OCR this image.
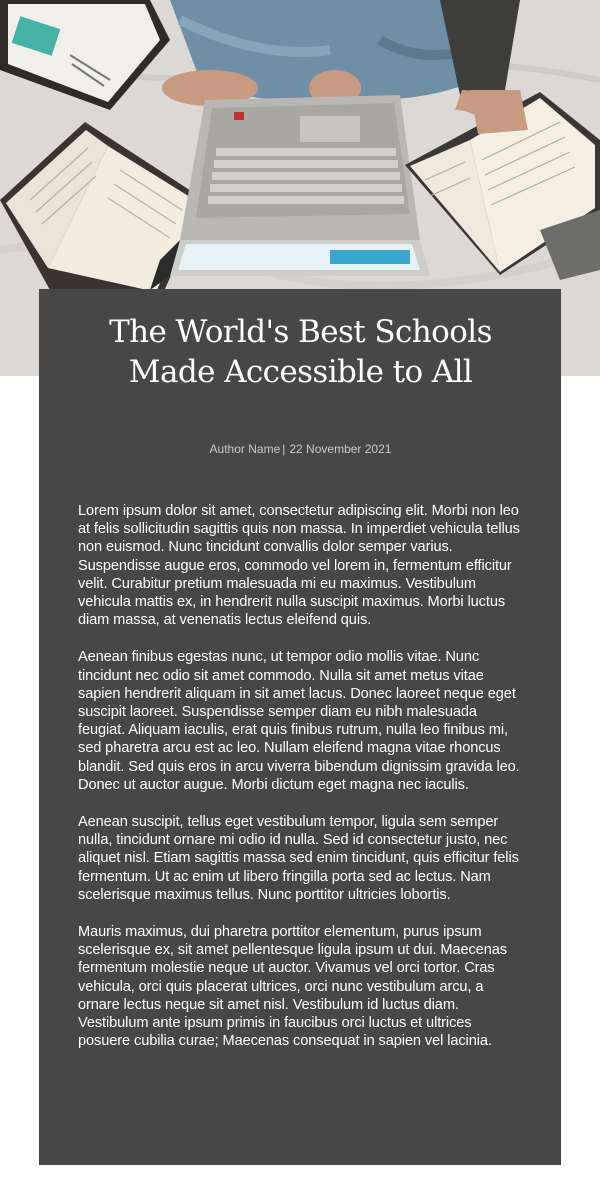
The World's Best Schools Made Accessible to All
Author Name | 22 November 2021

Lorem ipsum dolor sit amet, consectetur adipiscing elit. Morbi non leo at felis sollicitudin sagittis quis non massa. In imperdiet vehicula tellus non euismod. Nunc tincidunt convallis dolor semper varius. Suspendisse augue eros, commodo vel lorem in, fermentum efficitur velit. Curabitur pretium malesuada mi eu maximus. Vestibulum vehicula mattis ex, in hendrerit nulla suscipit maximus. Morbi luctus diam massa, at venenatis lectus eleifend quis.

Aenean finibus egestas nunc, ut tempor odio mollis vitae. Nunc tincidunt nec odio sit amet commodo. Nulla sit amet metus vitae sapien hendrerit aliquam in sit amet lacus. Donec laoreet neque eget suscipit laoreet. Suspendisse semper diam eu nibh malesuada feugiat. Aliquam iaculis, erat quis finibus rutrum, nulla leo finibus mi, sed pharetra arcu est ac leo. Nullam eleifend magna vitae rhoncus blandit. Sed quis eros in arcu viverra bibendum dignissim gravida leo. Donec ut auctor augue. Morbi dictum eget magna nec iaculis.

Aenean suscipit, tellus eget vestibulum tempor, ligula sem semper nulla, tincidunt ornare mi odio id nulla. Sed id consectetur justo, nec aliquet nisl. Etiam sagittis massa sed enim tincidunt, quis efficitur felis fermentum. Ut ac enim ut libero fringilla porta sed ac lectus. Nam scelerisque maximus tellus. Nunc porttitor ultricies lobortis.

Mauris maximus, dui pharetra porttitor elementum, purus ipsum scelerisque ex, sit amet pellentesque ligula ipsum ut dui. Maecenas fermentum molestie neque ut auctor. Vivamus vel orci tortor. Cras vehicula, orci quis placerat ultrices, orci nunc vestibulum arcu, a ornare lectus neque sit amet nisl. Vestibulum id luctus diam. Vestibulum ante ipsum primis in faucibus orci luctus et ultrices posuere cubilia curae; Maecenas consequat in sapien vel lacinia.
